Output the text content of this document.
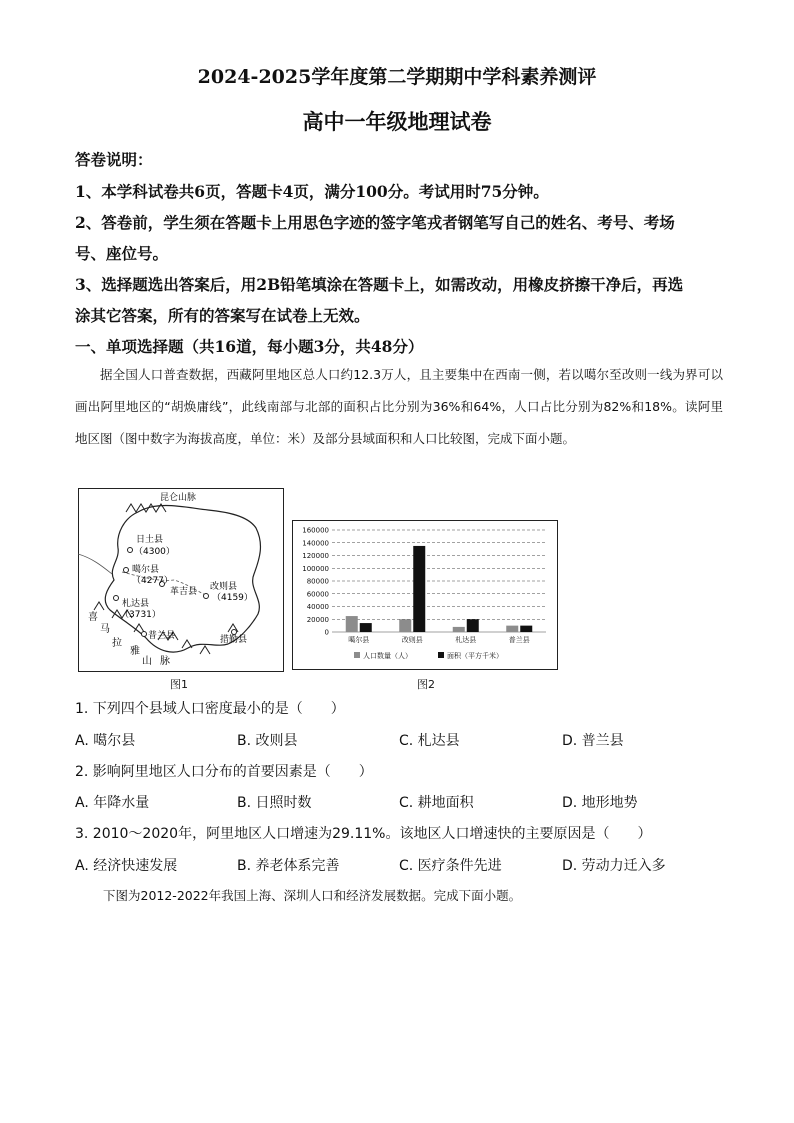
2024-2025学年度第二学期期中学科素养测评
高中一年级地理试卷
答卷说明：
1、本学科试卷共6页，答题卡4页，满分100分。考试用时75分钟。
2、答卷前，学生须在答题卡上用思色字迹的签字笔戎者钢笔写自己的姓名、考号、考场
号、座位号。
3、选择题选出答案后，用2B铅笔填涂在答题卡上，如需改动，用橡皮挤擦干净后，再选
涂其它答案，所有的答案写在试卷上无效。
一、单项选择题（共16道，每小题3分，共48分）
据全国人口普查数据，西藏阿里地区总人口约12.3万人，且主要集中在西南一侧，若以噶尔至改则一线为界可以画出阿里地区的“胡焕庸线”，此线南部与北部的面积占比分别为36%和64%，人口占比分别为82%和18%。读阿里地区图（图中数字为海拔高度，单位：米）及部分县域面积和人口比较图，完成下面小题。
昆仑山脉
日土县
（4300）
噶尔县
（4277）
革吉县 改则县
（4159）
札达县
（3731）
普兰县	措勤县
喜
马
拉
雅
山 脉
图1
0
20000
40000
60000
80000
100000
120000
140000
160000
噶尔县	改则县	札达县	普兰县
人口数量（人）	面积（平方千米）
图2
1. 下列四个县域人口密度最小的是（　　）
A. 噶尔县	B. 改则县	C. 札达县	D. 普兰县
2. 影响阿里地区人口分布的首要因素是（　　）
A. 年降水量	B. 日照时数	C. 耕地面积	D. 地形地势
3. 2010～2020年，阿里地区人口增速为29.11%。该地区人口增速快的主要原因是（　　）
A. 经济快速发展	B. 养老体系完善	C. 医疗条件先进	D. 劳动力迁入多
下图为2012-2022年我国上海、深圳人口和经济发展数据。完成下面小题。
